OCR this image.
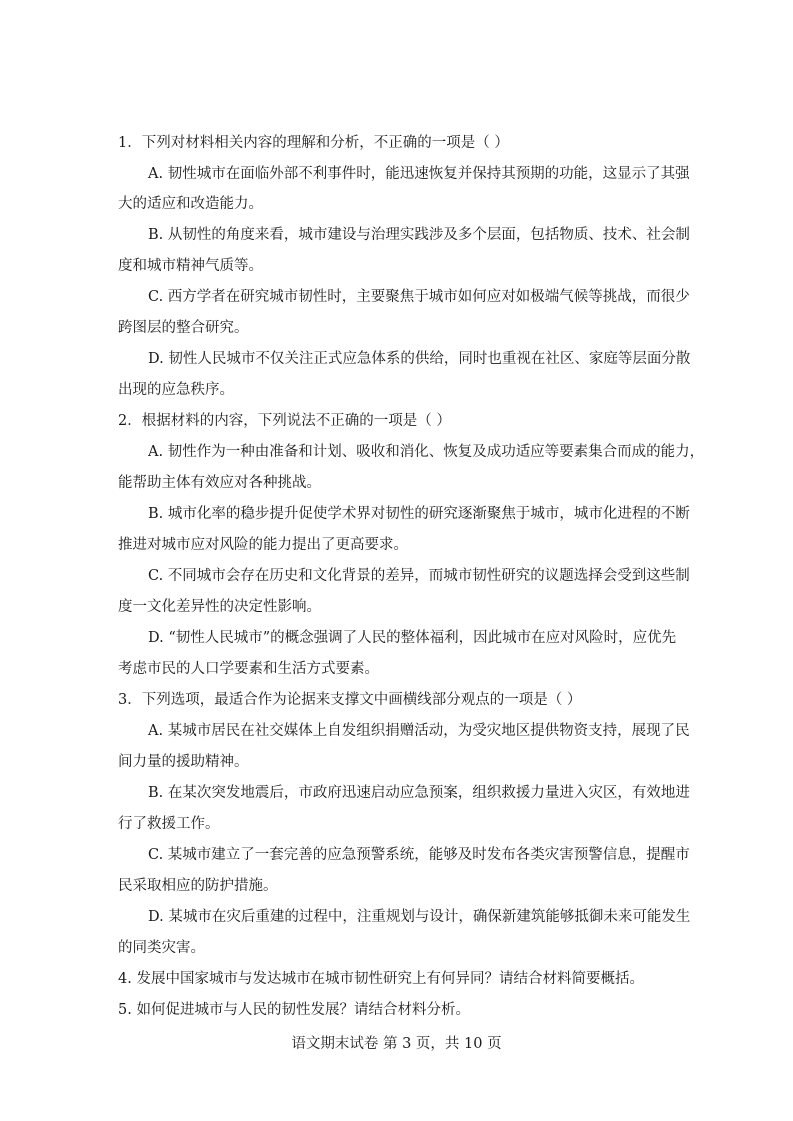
1．下列对材料相关内容的理解和分析，不正确的一项是（ ）
A. 韧性城市在面临外部不利事件时，能迅速恢复并保持其预期的功能，这显示了其强
大的适应和改造能力。
B. 从韧性的角度来看，城市建设与治理实践涉及多个层面，包括物质、技术、社会制
度和城市精神气质等。
C. 西方学者在研究城市韧性时，主要聚焦于城市如何应对如极端气候等挑战，而很少
跨图层的整合研究。
D. 韧性人民城市不仅关注正式应急体系的供给，同时也重视在社区、家庭等层面分散
出现的应急秩序。
2．根据材料的内容，下列说法不正确的一项是（ ）
A. 韧性作为一种由准备和计划、吸收和消化、恢复及成功适应等要素集合而成的能力，
能帮助主体有效应对各种挑战。
B. 城市化率的稳步提升促使学术界对韧性的研究逐渐聚焦于城市，城市化进程的不断
推进对城市应对风险的能力提出了更高要求。
C. 不同城市会存在历史和文化背景的差异，而城市韧性研究的议题选择会受到这些制
度一文化差异性的决定性影响。
D. “韧性人民城市”的概念强调了人民的整体福利，因此城市在应对风险时，应优先
考虑市民的人口学要素和生活方式要素。
3．下列选项，最适合作为论据来支撑文中画横线部分观点的一项是（ ）
A. 某城市居民在社交媒体上自发组织捐赠活动，为受灾地区提供物资支持，展现了民
间力量的援助精神。
B. 在某次突发地震后，市政府迅速启动应急预案，组织救援力量进入灾区，有效地进
行了救援工作。
C. 某城市建立了一套完善的应急预警系统，能够及时发布各类灾害预警信息，提醒市
民采取相应的防护措施。
D. 某城市在灾后重建的过程中，注重规划与设计，确保新建筑能够抵御未来可能发生
的同类灾害。
4. 发展中国家城市与发达城市在城市韧性研究上有何异同？请结合材料简要概括。
5. 如何促进城市与人民的韧性发展？请结合材料分析。
语文期末试卷 第 3 页，共 10 页
